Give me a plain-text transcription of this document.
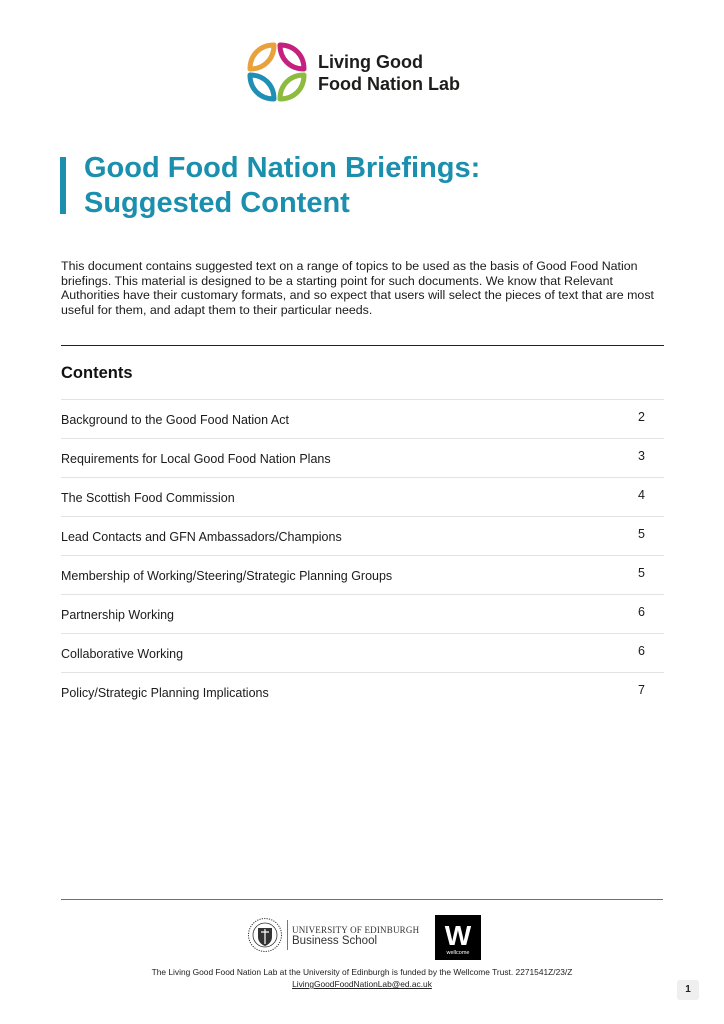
Living Good
Food Nation Lab
Good Food Nation Briefings:
Suggested Content

This document contains suggested text on a range of topics to be used as the basis of Good Food Nation briefings. This material is designed to be a starting point for such documents. We know that Relevant Authorities have their customary formats, and so expect that users will select the pieces of text that are most useful for them, and adapt them to their particular needs.

Contents
Background to the Good Food Nation Act	2
Requirements for Local Good Food Nation Plans	3
The Scottish Food Commission	4
Lead Contacts and GFN Ambassadors/Champions	5
Membership of Working/Steering/Strategic Planning Groups	5
Partnership Working	6
Collaborative Working	6
Policy/Strategic Planning Implications	7
UNIVERSITY OF EDINBURGH
Business School W
wellcome
The Living Good Food Nation Lab at the University of Edinburgh is funded by the Wellcome Trust. 2271541Z/23/Z
LivingGoodFoodNationLab@ed.ac.uk	1
